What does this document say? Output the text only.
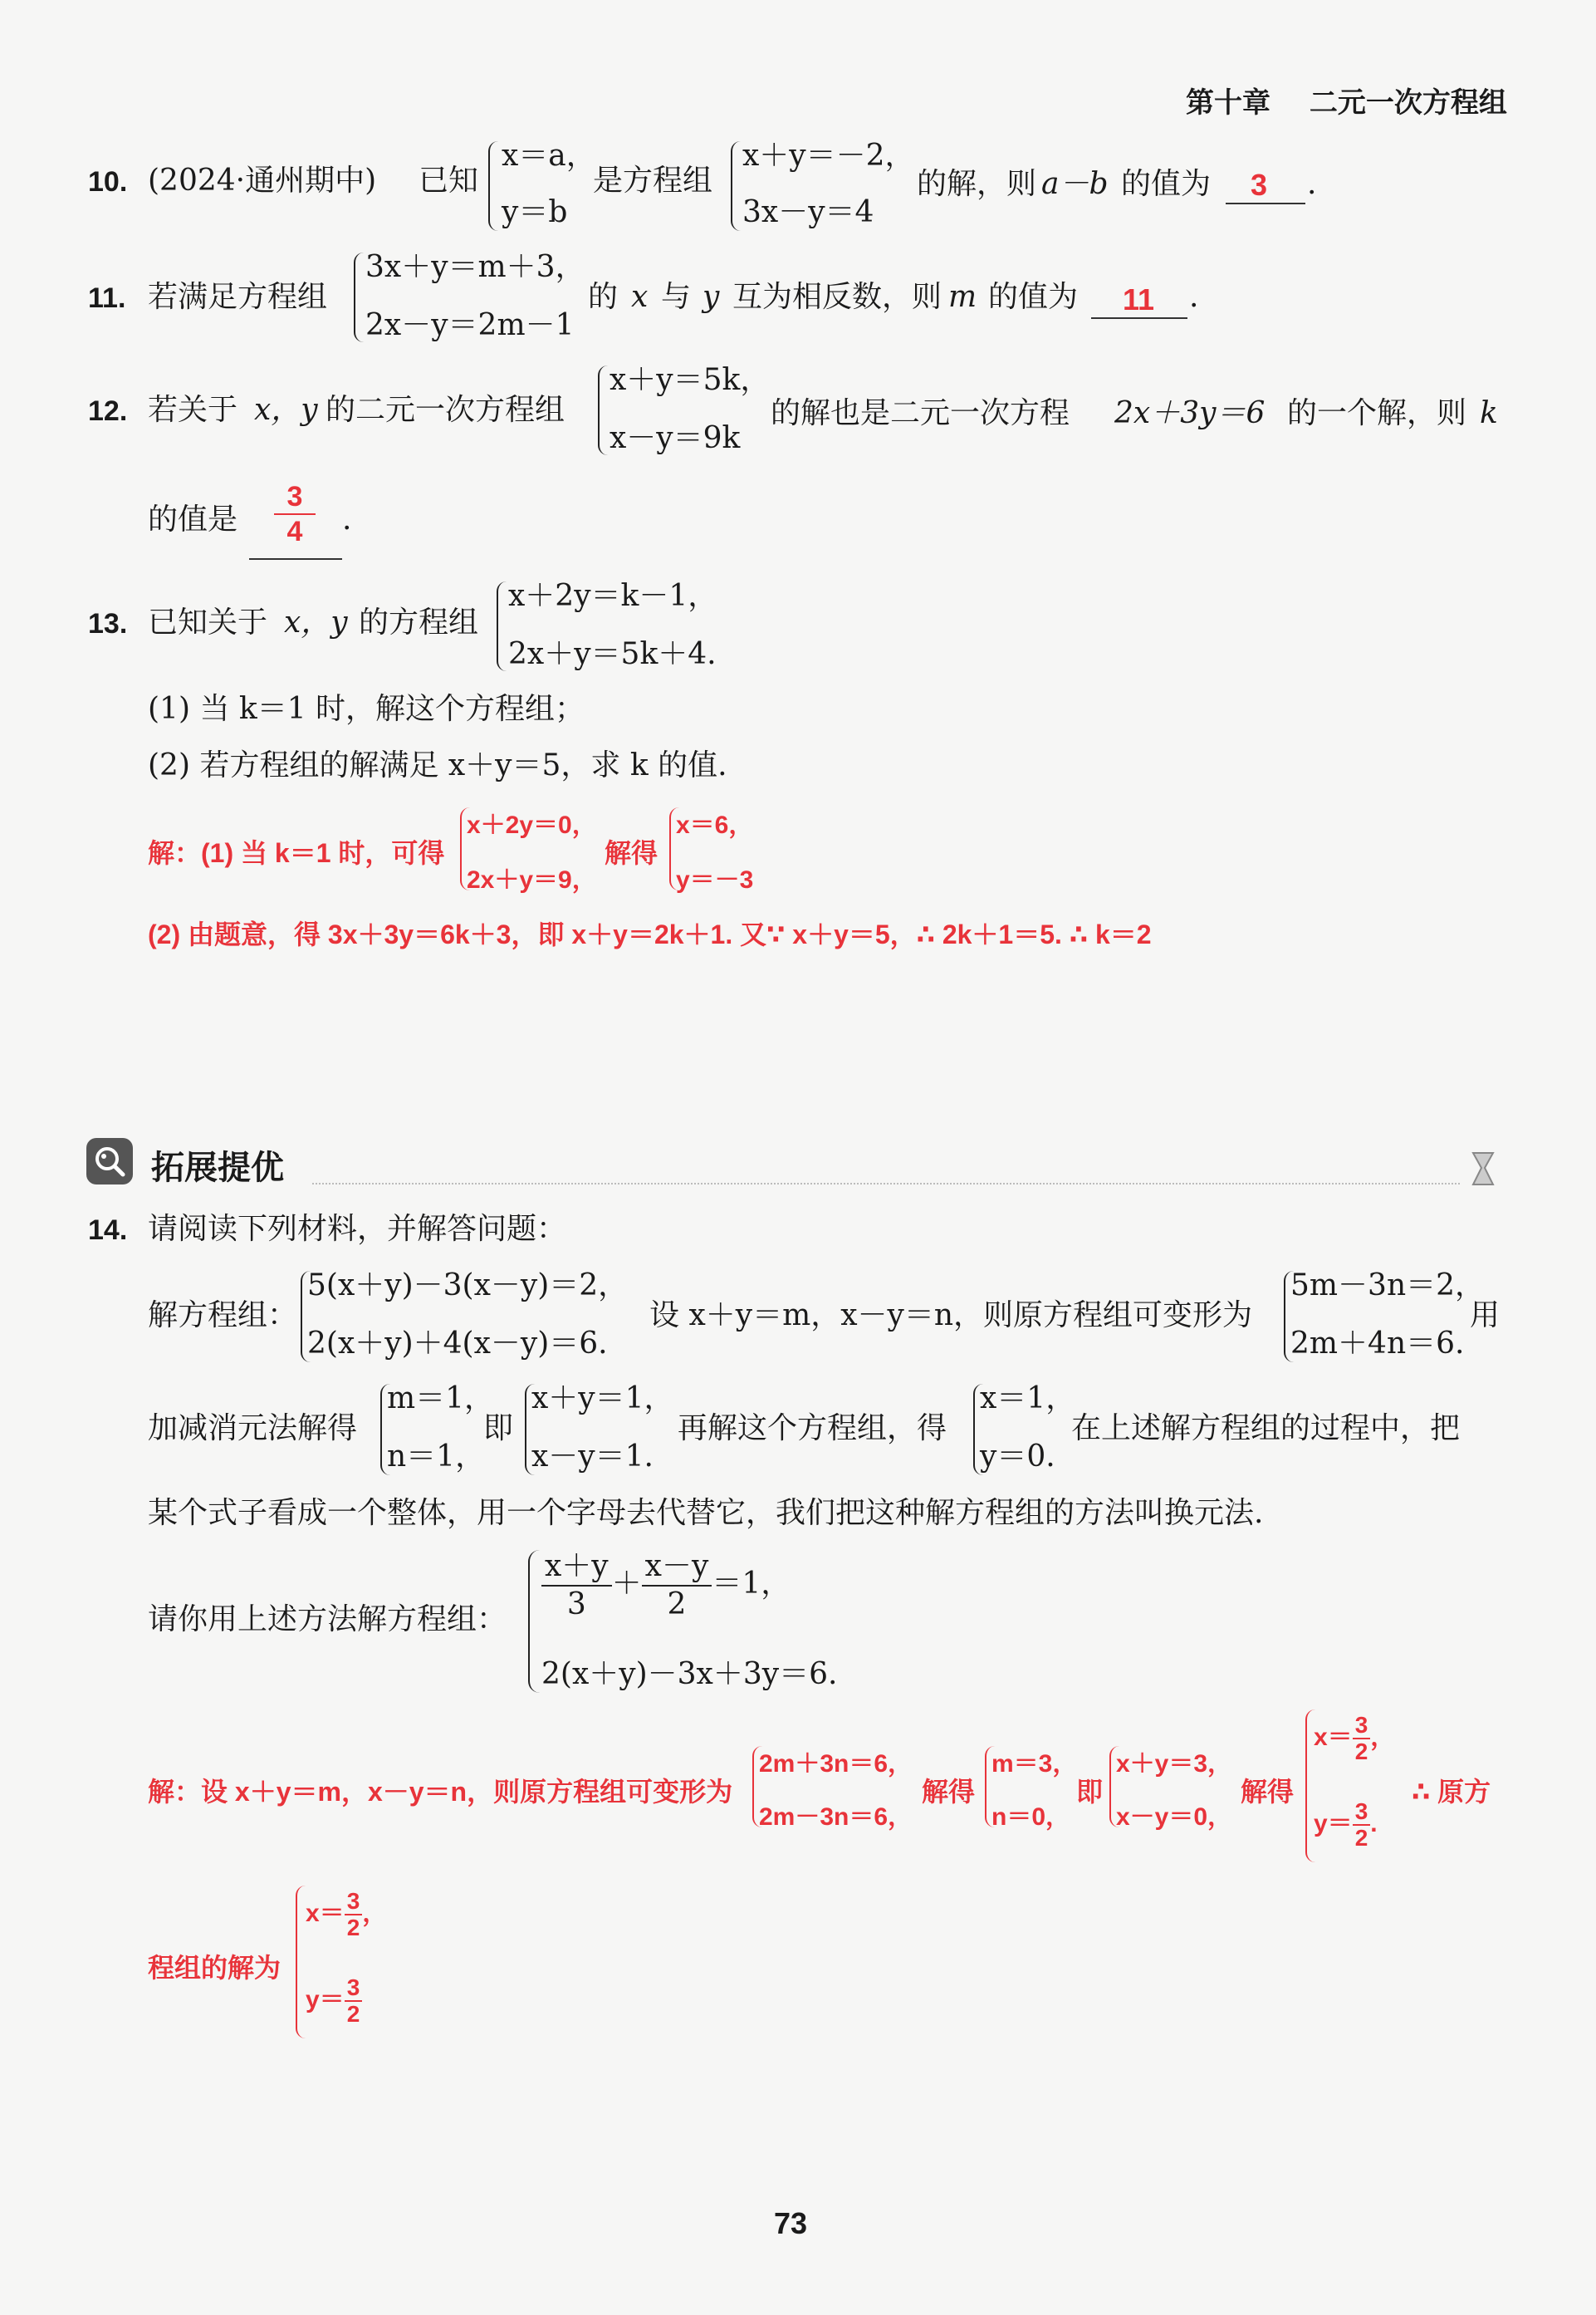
第十章 二元一次方程组
10. (2024·通州期中) 已知
x＝a，
y＝b
是方程组
x＋y＝－2，
3x－y＝4
的解，则 a－b 的值为 3 .
11. 若满足方程组
3x＋y＝m＋3，
2x－y＝2m－1
的 x 与 y 互为相反数，则 m 的值为 11 .
12. 若关于 x，y 的二元一次方程组
x＋y＝5k，
x－y＝9k
的解也是二元一次方程 2x＋3y＝6 的一个解，则 k
的值是 $\frac{3}{4}$ .
13. 已知关于 x，y 的方程组
x＋2y＝k－1，
2x＋y＝5k＋4.
(1) 当 k＝1 时，解这个方程组；
(2) 若方程组的解满足 x＋y＝5，求 k 的值.
解：(1) 当 k＝1 时，可得
x＋2y＝0，
2x＋y＝9，
解得
x＝6，
y＝－3
(2) 由题意，得 3x＋3y＝6k＋3，即 x＋y＝2k＋1. 又∵ x＋y＝5，∴ 2k＋1＝5. ∴ k＝2
拓展提优
14. 请阅读下列材料，并解答问题：
解方程组：
5(x＋y)－3(x－y)＝2，
2(x＋y)＋4(x－y)＝6.
设 x＋y＝m，x－y＝n，则原方程组可变形为
5m－3n＝2，
2m＋4n＝6.
用
加减消元法解得
m＝1，
n＝1，
即
x＋y＝1，
x－y＝1.
再解这个方程组，得
x＝1，
y＝0.
在上述解方程组的过程中，把
某个式子看成一个整体，用一个字母去代替它，我们把这种解方程组的方法叫换元法.
请你用上述方法解方程组： $\frac{x+y}{3} + \frac{x-y}{2} =1$，
2(x＋y)－3x＋3y＝6.
解：设 x＋y＝m，x－y＝n，则原方程组可变形为
2m＋3n＝6，
2m－3n＝6，
解得
m＝3，
n＝0，
即
x＋y＝3，
x－y＝0，
解得
$x= \frac{3}{2}$ ，
$y= \frac{3}{2}$ .
∴ 原方
程组的解为
$x= \frac{3}{2}$ ，
$y= \frac{3}{2}$
73
